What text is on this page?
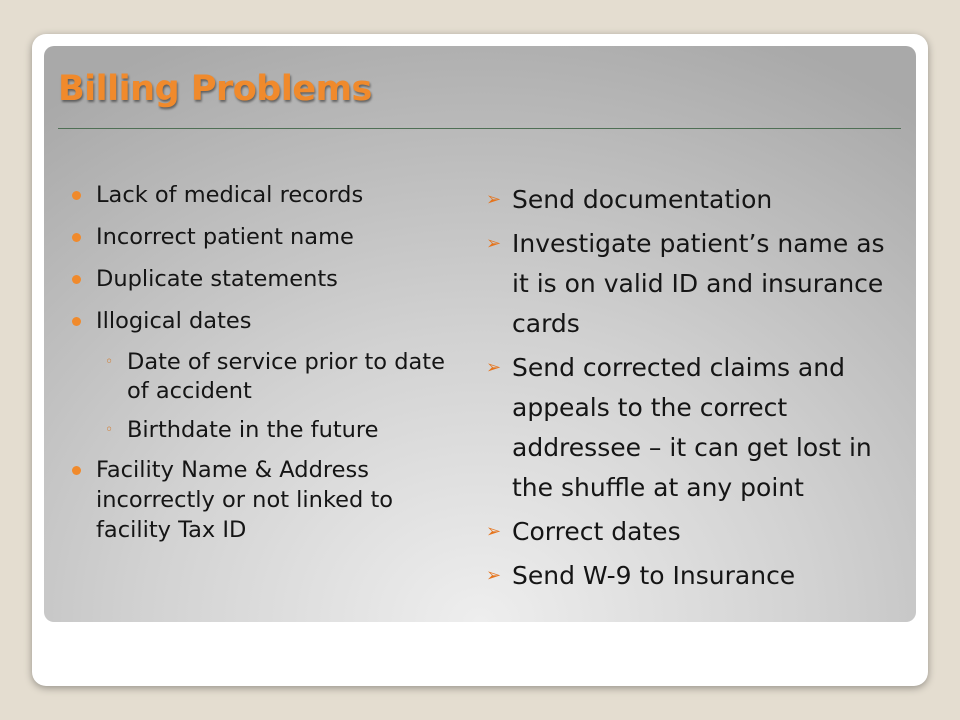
Billing Problems
Lack of medical records
Incorrect patient name
Duplicate statements
Illogical dates
◦ Date of service prior to date of accident
◦ Birthdate in the future
Facility Name & Address incorrectly or not linked to facility Tax ID
➢ Send documentation
➢ Investigate patient’s name as it is on valid ID and insurance cards
➢ Send corrected claims and appeals to the correct addressee – it can get lost in the shuffle at any point
➢ Correct dates
➢ Send W-9 to Insurance
